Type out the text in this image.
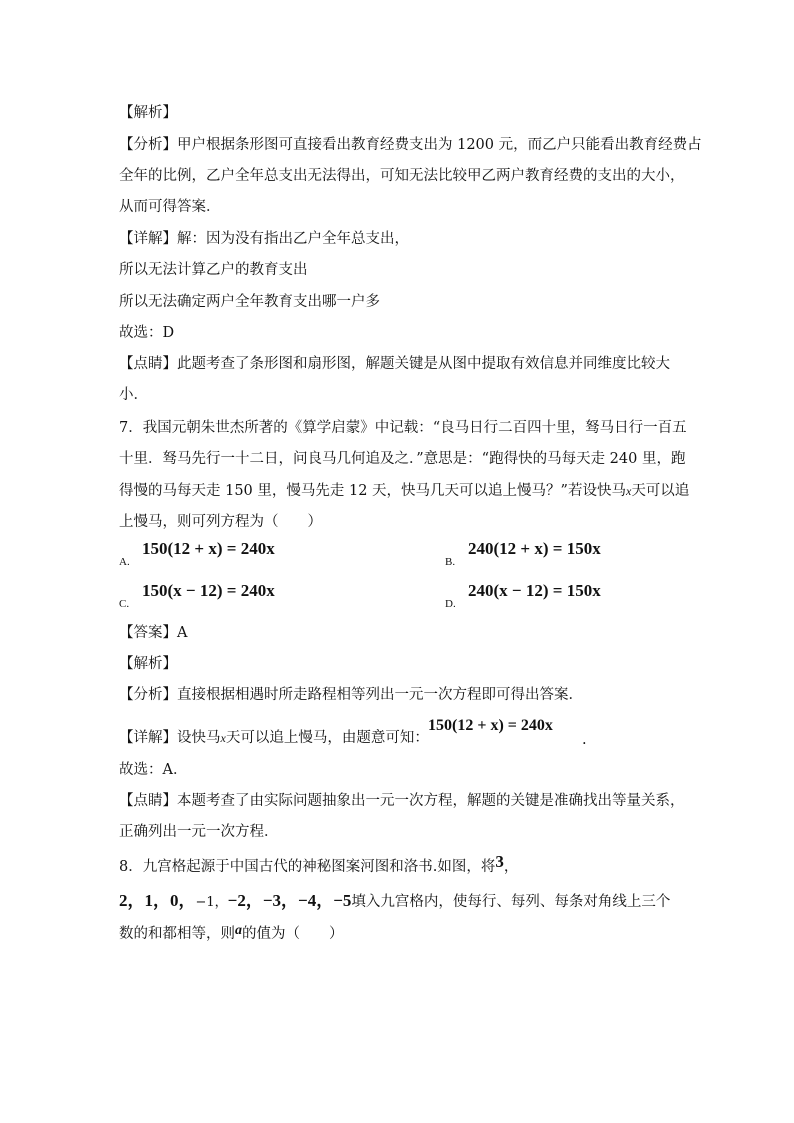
【解析】
【分析】甲户根据条形图可直接看出教育经费支出为 1200 元，而乙户只能看出教育经费占
全年的比例，乙户全年总支出无法得出，可知无法比较甲乙两户教育经费的支出的大小，
从而可得答案．
【详解】解：因为没有指出乙户全年总支出，
所以无法计算乙户的教育支出
所以无法确定两户全年教育支出哪一户多
故选：D
【点睛】此题考查了条形图和扇形图，解题关键是从图中提取有效信息并同维度比较大
小．
7．我国元朝朱世杰所著的《算学启蒙》中记载：“良马日行二百四十里，驽马日行一百五
十里．驽马先行一十二日，问良马几何追及之．”意思是：“跑得快的马每天走 240 里，跑
得慢的马每天走 150 里，慢马先走 12 天，快马几天可以追上慢马？”若设快马x天可以追
上慢马，则可列方程为（　　）
A.
150(12 + x) = 240x
B.
240(12 + x) = 150x
C.
150(x − 12) = 240x
D.
240(x − 12) = 150x
【答案】A
【解析】
【分析】直接根据相遇时所走路程相等列出一元一次方程即可得出答案．
【详解】设快马x天可以追上慢马，由题意可知：
150(12 + x) = 240x
.
故选：A．
【点睛】本题考查了由实际问题抽象出一元一次方程，解题的关键是准确找出等量关系，
正确列出一元一次方程．
8．九宫格起源于中国古代的神秘图案河图和洛书.如图，将3，
2，1，0，−1，−2，−3，−4，−5填入九宫格内，使每行、每列、每条对角线上三个
数的和都相等，则a的值为（　　）
